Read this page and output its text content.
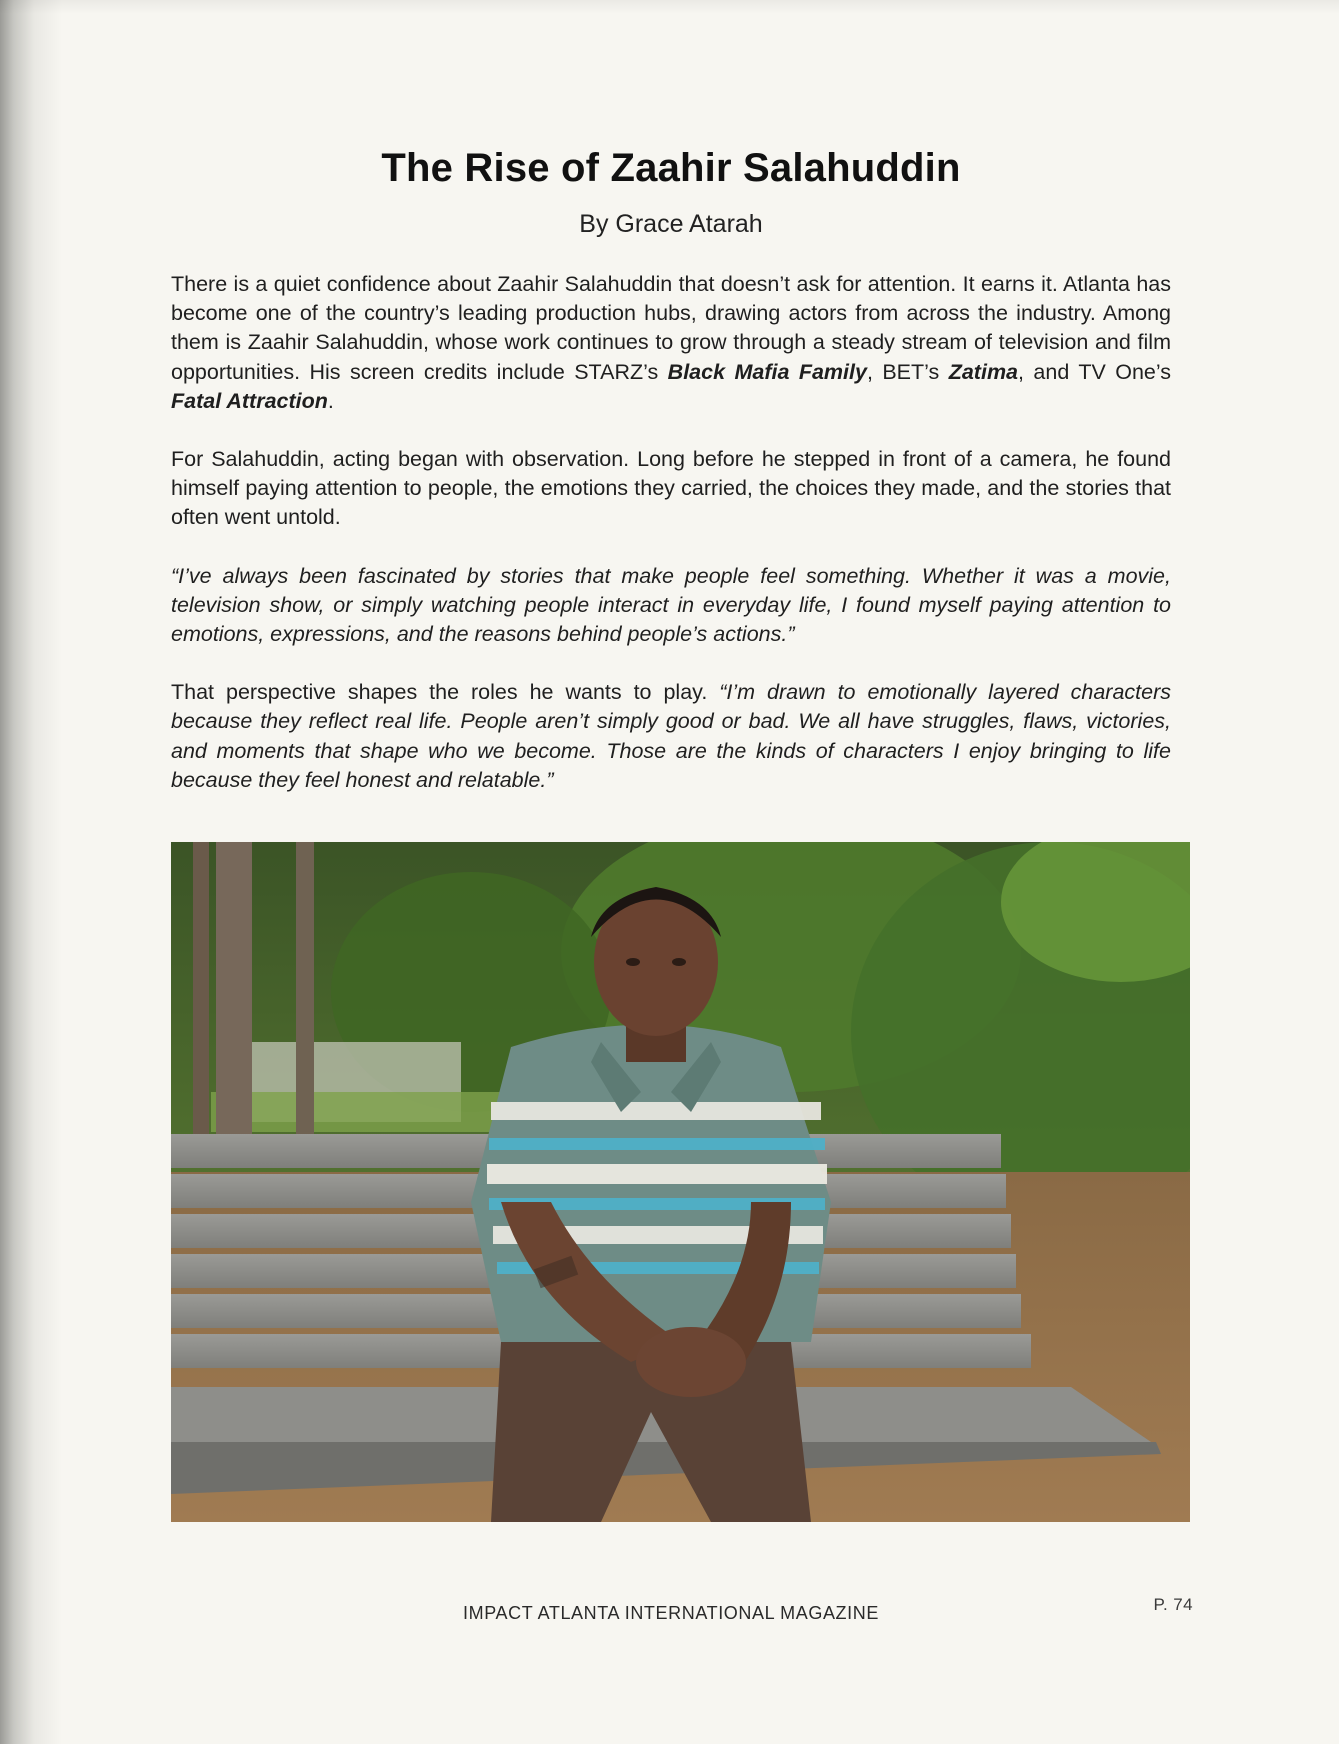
The Rise of Zaahir Salahuddin
By Grace Atarah

There is a quiet confidence about Zaahir Salahuddin that doesn’t ask for attention. It earns it. Atlanta has become one of the country’s leading production hubs, drawing actors from across the industry. Among them is Zaahir Salahuddin, whose work continues to grow through a steady stream of television and film opportunities. His screen credits include STARZ’s Black Mafia Family, BET’s Zatima, and TV One’s Fatal Attraction.

For Salahuddin, acting began with observation. Long before he stepped in front of a camera, he found himself paying attention to people, the emotions they carried, the choices they made, and the stories that often went untold.

“I’ve always been fascinated by stories that make people feel something. Whether it was a movie, television show, or simply watching people interact in everyday life, I found myself paying attention to emotions, expressions, and the reasons behind people’s actions.”

That perspective shapes the roles he wants to play. “I’m drawn to emotionally layered characters because they reflect real life. People aren’t simply good or bad. We all have struggles, flaws, victories, and moments that shape who we become. Those are the kinds of characters I enjoy bringing to life because they feel honest and relatable.”

IMPACT ATLANTA INTERNATIONAL MAGAZINE	P. 74
